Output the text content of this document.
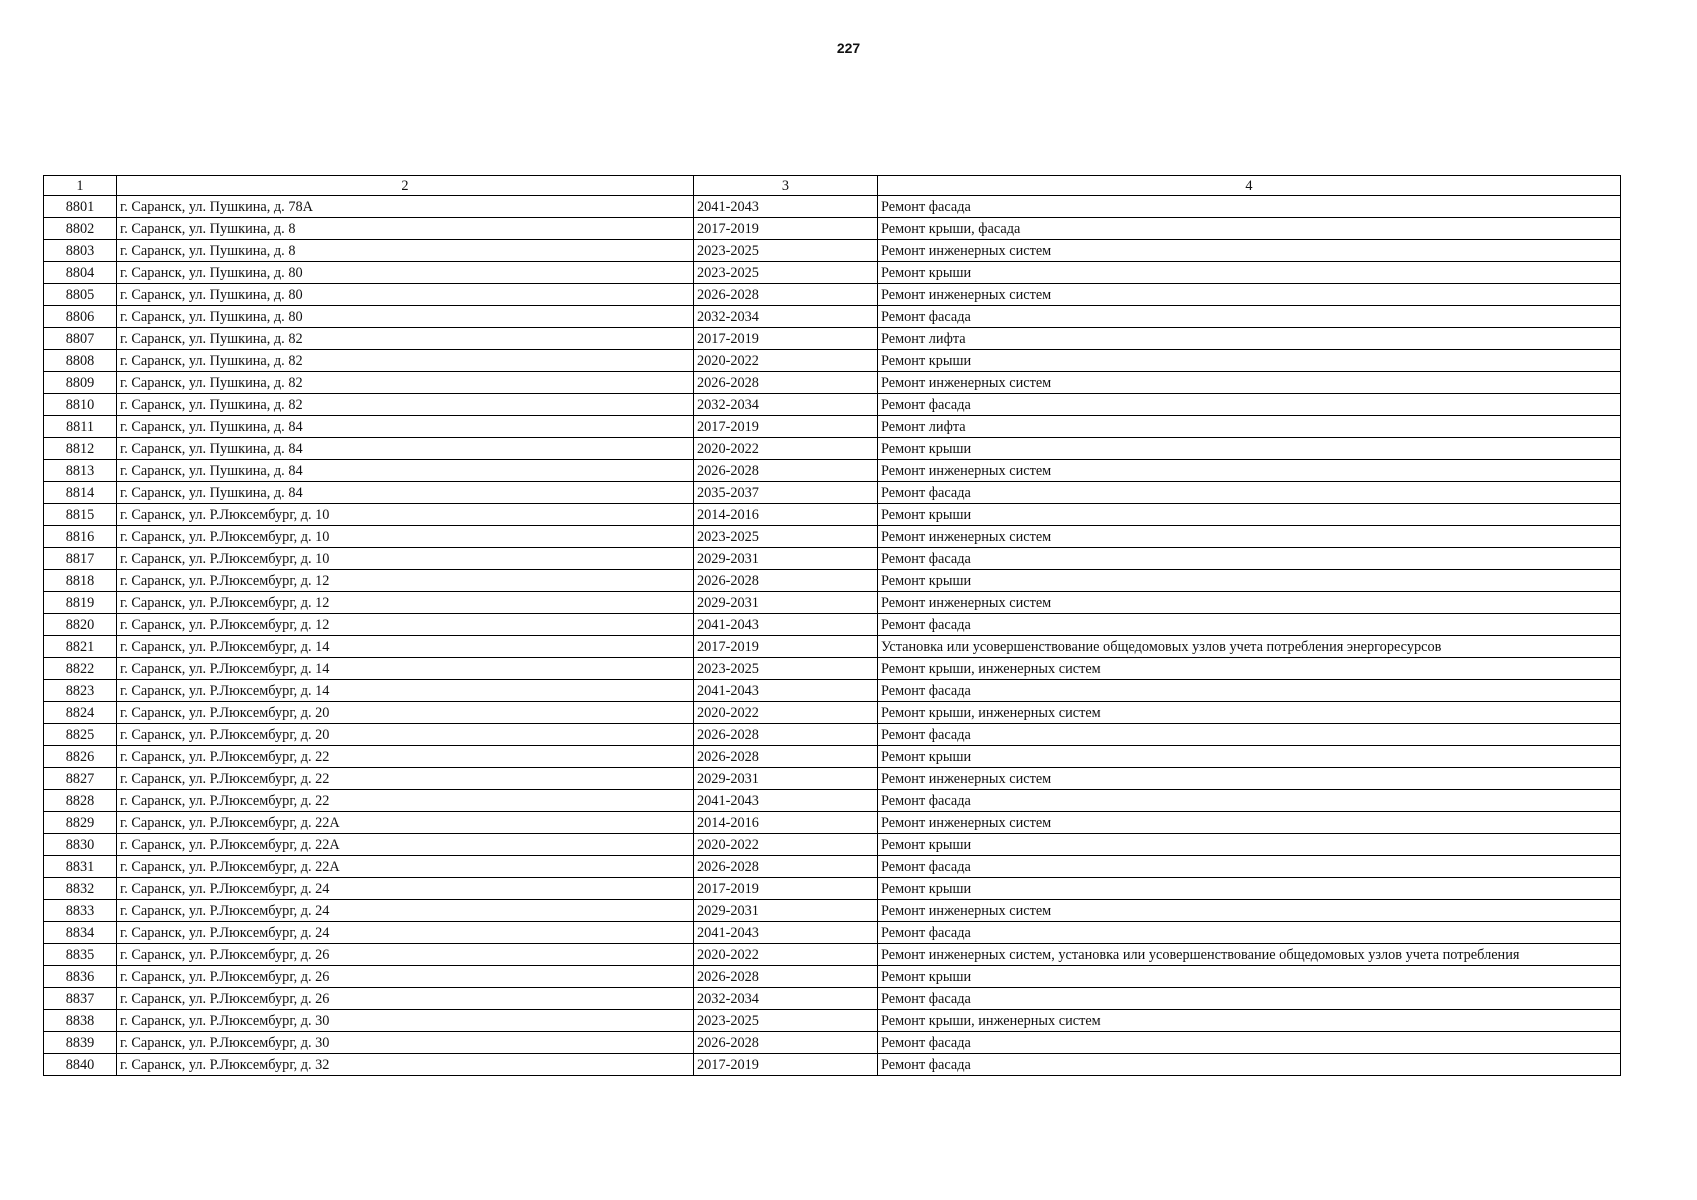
227
1	2	3	4
8801	г. Саранск, ул. Пушкина, д. 78А	2041-2043	Ремонт фасада
8802	г. Саранск, ул. Пушкина, д. 8	2017-2019	Ремонт крыши, фасада
8803	г. Саранск, ул. Пушкина, д. 8	2023-2025	Ремонт инженерных систем
8804	г. Саранск, ул. Пушкина, д. 80	2023-2025	Ремонт крыши
8805	г. Саранск, ул. Пушкина, д. 80	2026-2028	Ремонт инженерных систем
8806	г. Саранск, ул. Пушкина, д. 80	2032-2034	Ремонт фасада
8807	г. Саранск, ул. Пушкина, д. 82	2017-2019	Ремонт лифта
8808	г. Саранск, ул. Пушкина, д. 82	2020-2022	Ремонт крыши
8809	г. Саранск, ул. Пушкина, д. 82	2026-2028	Ремонт инженерных систем
8810	г. Саранск, ул. Пушкина, д. 82	2032-2034	Ремонт фасада
8811	г. Саранск, ул. Пушкина, д. 84	2017-2019	Ремонт лифта
8812	г. Саранск, ул. Пушкина, д. 84	2020-2022	Ремонт крыши
8813	г. Саранск, ул. Пушкина, д. 84	2026-2028	Ремонт инженерных систем
8814	г. Саранск, ул. Пушкина, д. 84	2035-2037	Ремонт фасада
8815	г. Саранск, ул. Р.Люксембург, д. 10	2014-2016	Ремонт крыши
8816	г. Саранск, ул. Р.Люксембург, д. 10	2023-2025	Ремонт инженерных систем
8817	г. Саранск, ул. Р.Люксембург, д. 10	2029-2031	Ремонт фасада
8818	г. Саранск, ул. Р.Люксембург, д. 12	2026-2028	Ремонт крыши
8819	г. Саранск, ул. Р.Люксембург, д. 12	2029-2031	Ремонт инженерных систем
8820	г. Саранск, ул. Р.Люксембург, д. 12	2041-2043	Ремонт фасада
8821	г. Саранск, ул. Р.Люксембург, д. 14	2017-2019	Установка или усовершенствование общедомовых узлов учета потребления энергоресурсов
8822	г. Саранск, ул. Р.Люксембург, д. 14	2023-2025	Ремонт крыши, инженерных систем
8823	г. Саранск, ул. Р.Люксембург, д. 14	2041-2043	Ремонт фасада
8824	г. Саранск, ул. Р.Люксембург, д. 20	2020-2022	Ремонт крыши, инженерных систем
8825	г. Саранск, ул. Р.Люксембург, д. 20	2026-2028	Ремонт фасада
8826	г. Саранск, ул. Р.Люксембург, д. 22	2026-2028	Ремонт крыши
8827	г. Саранск, ул. Р.Люксембург, д. 22	2029-2031	Ремонт инженерных систем
8828	г. Саранск, ул. Р.Люксембург, д. 22	2041-2043	Ремонт фасада
8829	г. Саранск, ул. Р.Люксембург, д. 22А	2014-2016	Ремонт инженерных систем
8830	г. Саранск, ул. Р.Люксембург, д. 22А	2020-2022	Ремонт крыши
8831	г. Саранск, ул. Р.Люксембург, д. 22А	2026-2028	Ремонт фасада
8832	г. Саранск, ул. Р.Люксембург, д. 24	2017-2019	Ремонт крыши
8833	г. Саранск, ул. Р.Люксембург, д. 24	2029-2031	Ремонт инженерных систем
8834	г. Саранск, ул. Р.Люксембург, д. 24	2041-2043	Ремонт фасада
8835	г. Саранск, ул. Р.Люксембург, д. 26	2020-2022	Ремонт инженерных систем, установка или усовершенствование общедомовых узлов учета потребления
8836	г. Саранск, ул. Р.Люксембург, д. 26	2026-2028	Ремонт крыши
8837	г. Саранск, ул. Р.Люксембург, д. 26	2032-2034	Ремонт фасада
8838	г. Саранск, ул. Р.Люксембург, д. 30	2023-2025	Ремонт крыши, инженерных систем
8839	г. Саранск, ул. Р.Люксембург, д. 30	2026-2028	Ремонт фасада
8840	г. Саранск, ул. Р.Люксембург, д. 32	2017-2019	Ремонт фасада
